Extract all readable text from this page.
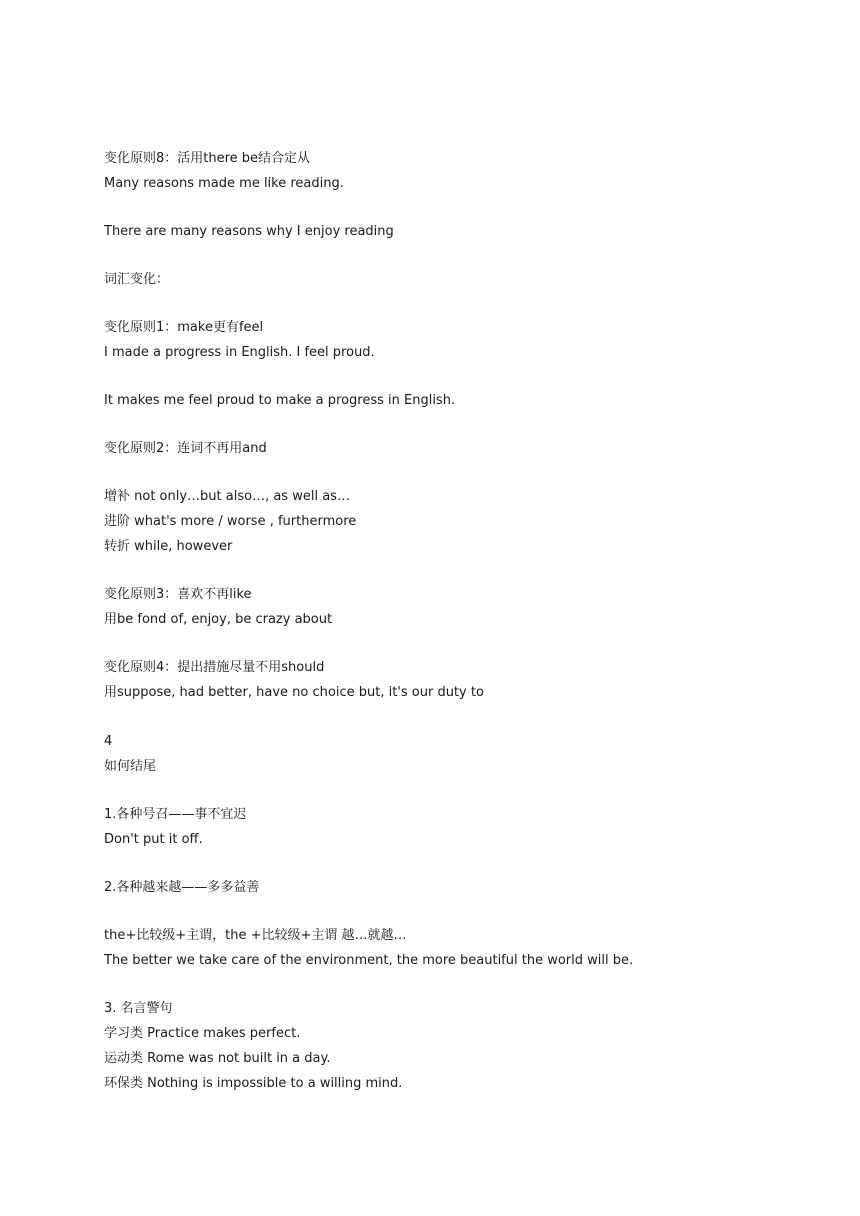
变化原则8：活用there be结合定从
Many reasons made me like reading.
There are many reasons why I enjoy reading
词汇变化：
变化原则1：make更有feel
I made a progress in English. I feel proud.
It makes me feel proud to make a progress in English.
变化原则2：连词不再用and
增补 not only…but also…, as well as…
进阶 what's more / worse , furthermore
转折 while, however
变化原则3：喜欢不再like
用be fond of, enjoy, be crazy about
变化原则4：提出措施尽量不用should
用suppose, had better, have no choice but, it's our duty to
4
如何结尾
1.各种号召——事不宜迟
Don't put it off.
2.各种越来越——多多益善
the+比较级+主谓，the +比较级+主谓 越…就越…
The better we take care of the environment, the more beautiful the world will be.
3. 名言警句
学习类 Practice makes perfect.
运动类 Rome was not built in a day.
环保类 Nothing is impossible to a willing mind.
